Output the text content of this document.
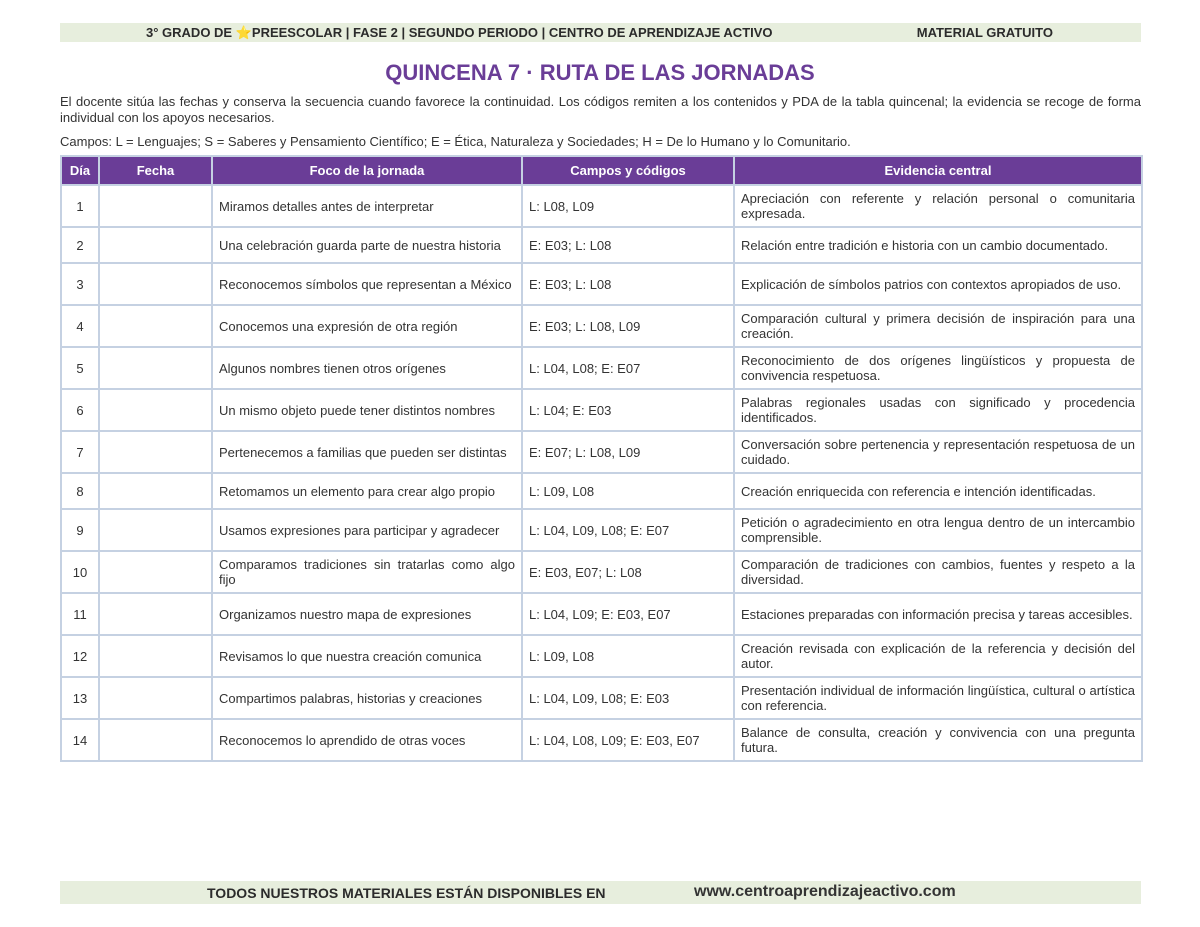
3° GRADO DE ⭐PREESCOLAR | FASE 2 | SEGUNDO PERIODO | CENTRO DE APRENDIZAJE ACTIVO	MATERIAL GRATUITO
QUINCENA 7 · RUTA DE LAS JORNADAS
El docente sitúa las fechas y conserva la secuencia cuando favorece la continuidad. Los códigos remiten a los contenidos y PDA de la tabla quincenal; la evidencia se recoge de forma individual con los apoyos necesarios.
Campos: L = Lenguajes; S = Saberes y Pensamiento Científico; E = Ética, Naturaleza y Sociedades; H = De lo Humano y lo Comunitario.
Día	Fecha	Foco de la jornada	Campos y códigos	Evidencia central
1		Miramos detalles antes de interpretar	L: L08, L09	Apreciación con referente y relación personal o comunitaria expresada.
2		Una celebración guarda parte de nuestra historia	E: E03; L: L08	Relación entre tradición e historia con un cambio documentado.
3		Reconocemos símbolos que representan a México	E: E03; L: L08	Explicación de símbolos patrios con contextos apropiados de uso.
4		Conocemos una expresión de otra región	E: E03; L: L08, L09	Comparación cultural y primera decisión de inspiración para una creación.
5		Algunos nombres tienen otros orígenes	L: L04, L08; E: E07	Reconocimiento de dos orígenes lingüísticos y propuesta de convivencia respetuosa.
6		Un mismo objeto puede tener distintos nombres	L: L04; E: E03	Palabras regionales usadas con significado y procedencia identificados.
7		Pertenecemos a familias que pueden ser distintas	E: E07; L: L08, L09	Conversación sobre pertenencia y representación respetuosa de un cuidado.
8		Retomamos un elemento para crear algo propio	L: L09, L08	Creación enriquecida con referencia e intención identificadas.
9		Usamos expresiones para participar y agradecer	L: L04, L09, L08; E: E07	Petición o agradecimiento en otra lengua dentro de un intercambio comprensible.
10		Comparamos tradiciones sin tratarlas como algo fijo	E: E03, E07; L: L08	Comparación de tradiciones con cambios, fuentes y respeto a la diversidad.
11		Organizamos nuestro mapa de expresiones	L: L04, L09; E: E03, E07	Estaciones preparadas con información precisa y tareas accesibles.
12		Revisamos lo que nuestra creación comunica	L: L09, L08	Creación revisada con explicación de la referencia y decisión del autor.
13		Compartimos palabras, historias y creaciones	L: L04, L09, L08; E: E03	Presentación individual de información lingüística, cultural o artística con referencia.
14		Reconocemos lo aprendido de otras voces	L: L04, L08, L09; E: E03, E07	Balance de consulta, creación y convivencia con una pregunta futura.
TODOS NUESTROS MATERIALES ESTÁN DISPONIBLES EN	www.centroaprendizajeactivo.com
